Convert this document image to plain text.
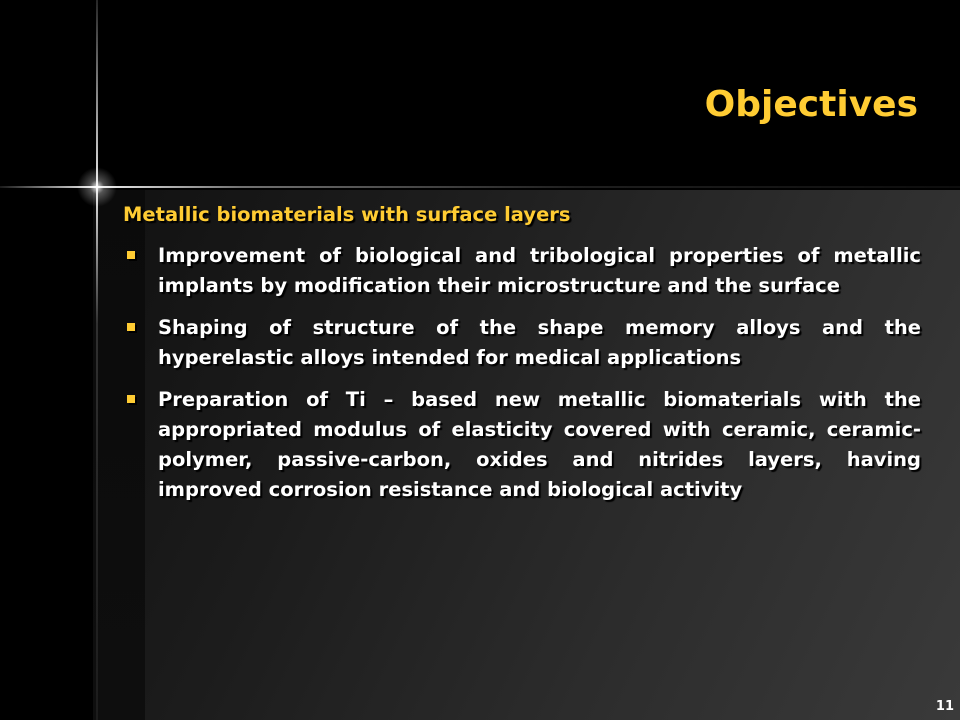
Objectives
Metallic biomaterials with surface layers
Improvement of biological and tribological properties of metallic implants by modification their microstructure and the surface
Shaping of structure of the shape memory alloys and the hyperelastic alloys intended for medical applications
Preparation of Ti – based new metallic biomaterials with the appropriated modulus of elasticity covered with ceramic, ceramic-polymer, passive-carbon, oxides and nitrides layers, having improved corrosion resistance and biological activity
11
